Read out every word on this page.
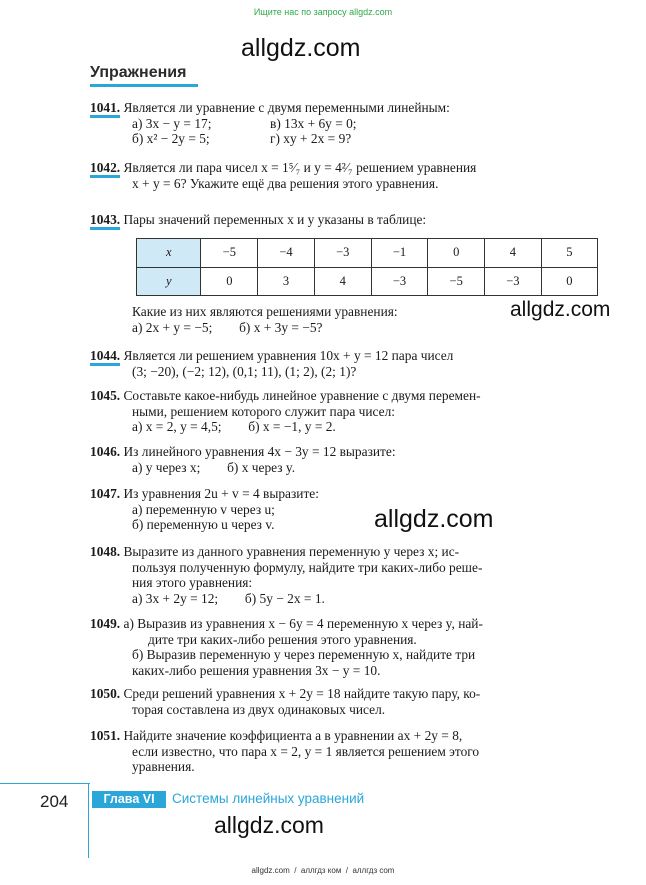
Ищите нас по запросу allgdz.com
allgdz.com
Упражнения
1041. Является ли уравнение с двумя переменными линейным:
а) 3x − y = 17;	в) 13x + 6y = 0;
б) x² − 2y = 5;	г) xy + 2x = 9?
1042. Является ли пара чисел x = 1⁵⁄₇ и y = 4²⁄₇ решением уравнения
x + y = 6? Укажите ещё два решения этого уравнения.
1043. Пары значений переменных x и y указаны в таблице:
x	−5	−4	−3	−1	0	4	5
y	0	3	4	−3	−5	−3	0
Какие из них являются решениями уравнения:
а) 2x + y = −5;        б) x + 3y = −5?
allgdz.com
1044. Является ли решением уравнения 10x + y = 12 пара чисел
(3; −20), (−2; 12), (0,1; 11), (1; 2), (2; 1)?
1045. Составьте какое-нибудь линейное уравнение с двумя перемен-
ными, решением которого служит пара чисел:
а) x = 2, y = 4,5;        б) x = −1, y = 2.
1046. Из линейного уравнения 4x − 3y = 12 выразите:
а) y через x;        б) x через y.
1047. Из уравнения 2u + v = 4 выразите:
а) переменную v через u;
б) переменную u через v.	allgdz.com
1048. Выразите из данного уравнения переменную y через x; ис-
пользуя полученную формулу, найдите три каких-либо реше-
ния этого уравнения:
а) 3x + 2y = 12;        б) 5y − 2x = 1.
1049. а) Выразив из уравнения x − 6y = 4 переменную x через y, най-
дите три каких-либо решения этого уравнения.
б) Выразив переменную y через переменную x, найдите три
каких-либо решения уравнения 3x − y = 10.
1050. Среди решений уравнения x + 2y = 18 найдите такую пару, ко-
торая составлена из двух одинаковых чисел.
1051. Найдите значение коэффициента a в уравнении ax + 2y = 8,
если известно, что пара x = 2, y = 1 является решением этого
уравнения.
204	Глава VI	Системы линейных уравнений
allgdz.com
allgdz.com  /  аллгдз ком  /  аллгдз com
